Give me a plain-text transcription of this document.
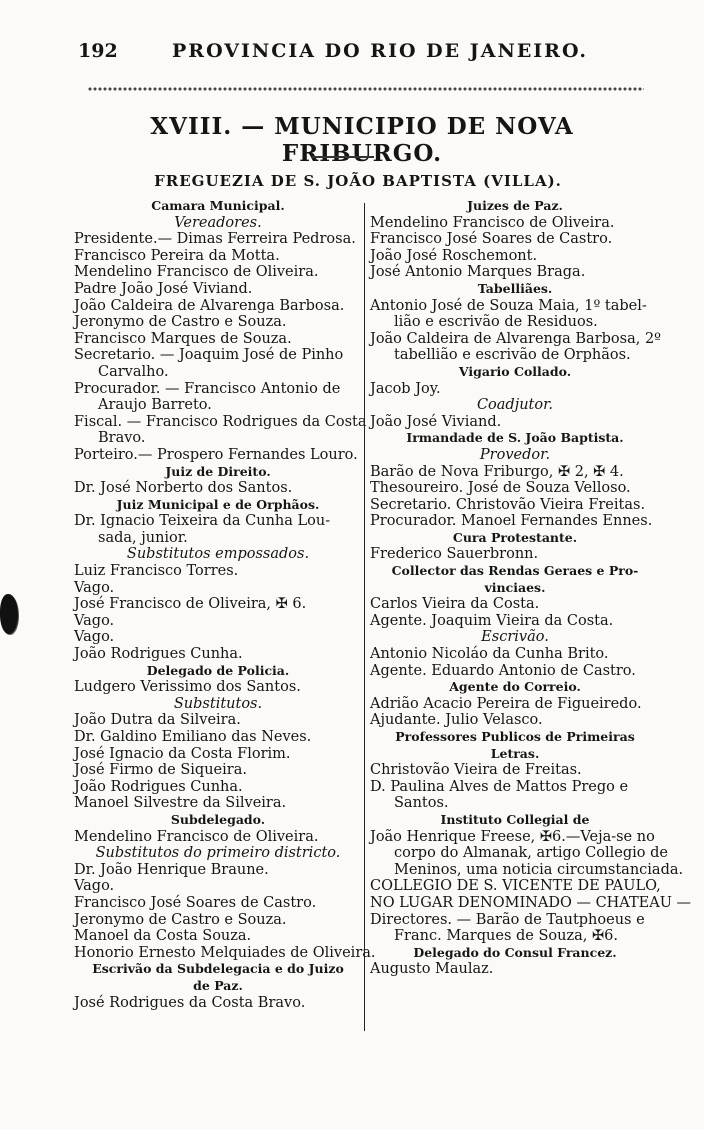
192	PROVINCIA DO RIO DE JANEIRO.
XVIII. — MUNICIPIO DE NOVA FRIBURGO.
FREGUEZIA DE S. JOÃO BAPTISTA (VILLA).
Camara Municipal.
Vereadores.
Presidente.— Dimas Ferreira Pedrosa.
Francisco Pereira da Motta.
Mendelino Francisco de Oliveira.
Padre João José Viviand.
João Caldeira de Alvarenga Barbosa.
Jeronymo de Castro e Souza.
Francisco Marques de Souza.
Secretario. — Joaquim José de Pinho
Carvalho.
Procurador. — Francisco Antonio de
Araujo Barreto.
Fiscal. — Francisco Rodrigues da Costa
Bravo.
Porteiro.— Prospero Fernandes Louro.
Juiz de Direito.
Dr. José Norberto dos Santos.
Juiz Municipal e de Orphãos.
Dr. Ignacio Teixeira da Cunha Lou-
sada, junior.
Substitutos empossados.
Luiz Francisco Torres.
Vago.
José Francisco de Oliveira, ✠ 6.
Vago.
Vago.
João Rodrigues Cunha.
Delegado de Policia.
Ludgero Verissimo dos Santos.
Substitutos.
João Dutra da Silveira.
Dr. Galdino Emiliano das Neves.
José Ignacio da Costa Florim.
José Firmo de Siqueira.
João Rodrigues Cunha.
Manoel Silvestre da Silveira.
Subdelegado.
Mendelino Francisco de Oliveira.
Substitutos do primeiro districto.
Dr. João Henrique Braune.
Vago.
Francisco José Soares de Castro.
Jeronymo de Castro e Souza.
Manoel da Costa Souza.
Honorio Ernesto Melquiades de Oliveira.
Escrivão da Subdelegacia e do Juizo
de Paz.
José Rodrigues da Costa Bravo.
Juizes de Paz.
Mendelino Francisco de Oliveira.
Francisco José Soares de Castro.
João José Roschemont.
José Antonio Marques Braga.
Tabelliães.
Antonio José de Souza Maia, 1º tabel-
lião e escrivão de Residuos.
João Caldeira de Alvarenga Barbosa, 2º
tabellião e escrivão de Orphãos.
Vigario Collado.
Jacob Joy.
Coadjutor.
João José Viviand.
Irmandade de S. João Baptista.
Provedor.
Barão de Nova Friburgo, ✠ 2, ✠ 4.
Thesoureiro. José de Souza Velloso.
Secretario. Christovão Vieira Freitas.
Procurador. Manoel Fernandes Ennes.
Cura Protestante.
Frederico Sauerbronn.
Collector das Rendas Geraes e Pro-
vinciaes.
Carlos Vieira da Costa.
Agente. Joaquim Vieira da Costa.
Escrivão.
Antonio Nicoláo da Cunha Brito.
Agente. Eduardo Antonio de Castro.
Agente do Correio.
Adrião Acacio Pereira de Figueiredo.
Ajudante. Julio Velasco.
Professores Publicos de Primeiras
Letras.
Christovão Vieira de Freitas.
D. Paulina Alves de Mattos Prego e
Santos.
Instituto Collegial de
João Henrique Freese, ✠6.—Veja-se no
corpo do Almanak, artigo Collegio de
Meninos, uma noticia circumstanciada.
COLLEGIO DE S. VICENTE DE PAULO,
NO LUGAR DENOMINADO — CHATEAU —
Directores. — Barão de Tautphoeus e
Franc. Marques de Souza, ✠6.
Delegado do Consul Francez.
Augusto Maulaz.
